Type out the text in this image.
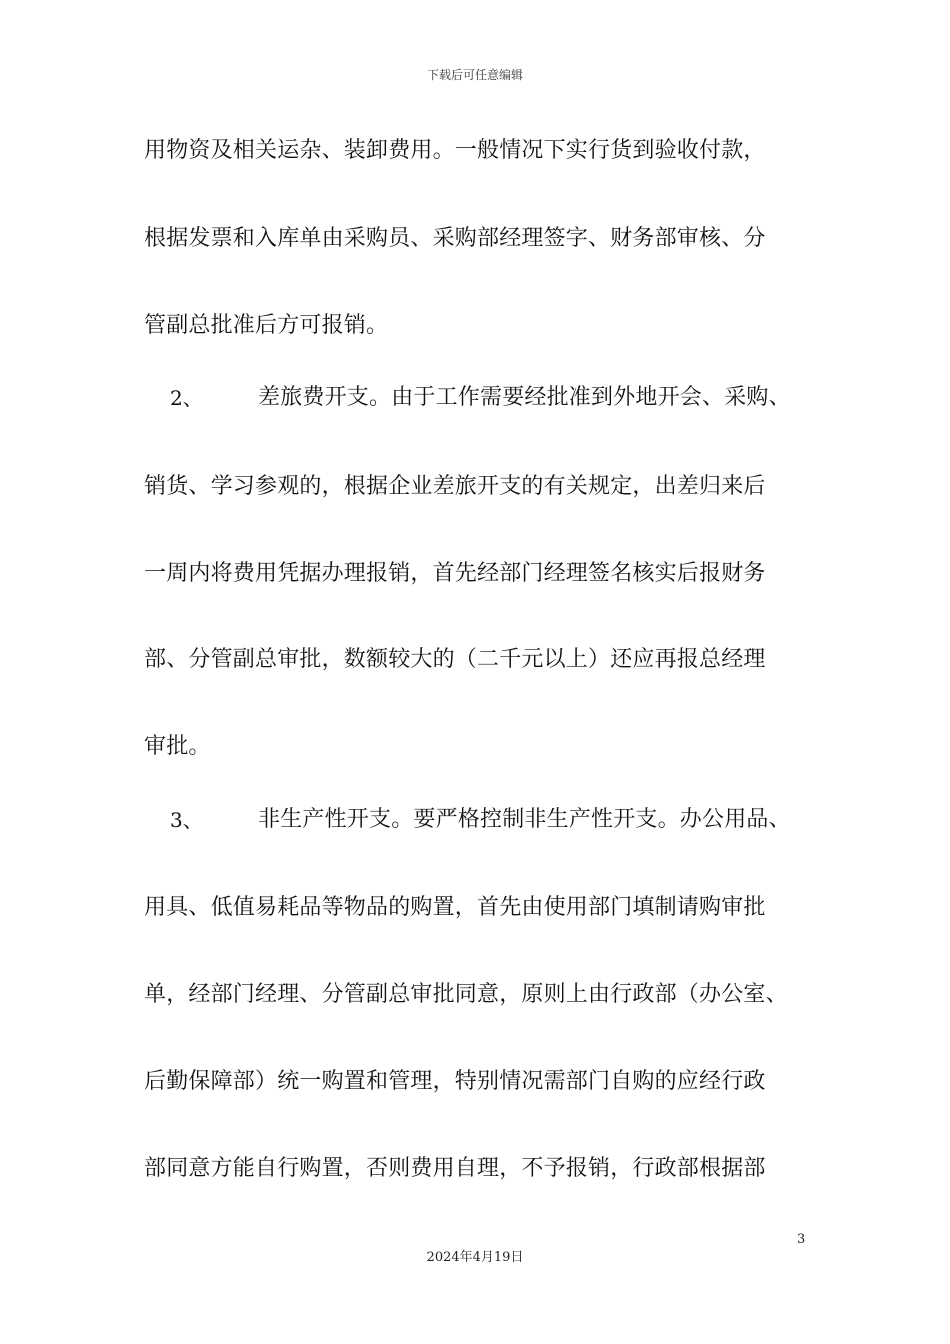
下载后可任意编辑
用物资及相关运杂、装卸费用。一般情况下实行货到验收付款，
根据发票和入库单由采购员、采购部经理签字、财务部审核、分
管副总批准后方可报销。
2、	差旅费开支。由于工作需要经批准到外地开会、采购、
销货、学习参观的，根据企业差旅开支的有关规定，出差归来后
一周内将费用凭据办理报销，首先经部门经理签名核实后报财务
部、分管副总审批，数额较大的（二千元以上）还应再报总经理
审批。
3、	非生产性开支。要严格控制非生产性开支。办公用品、
用具、低值易耗品等物品的购置，首先由使用部门填制请购审批
单，经部门经理、分管副总审批同意，原则上由行政部（办公室、
后勤保障部）统一购置和管理，特别情况需部门自购的应经行政
部同意方能自行购置，否则费用自理，不予报销，行政部根据部
3
2024年4月19日
